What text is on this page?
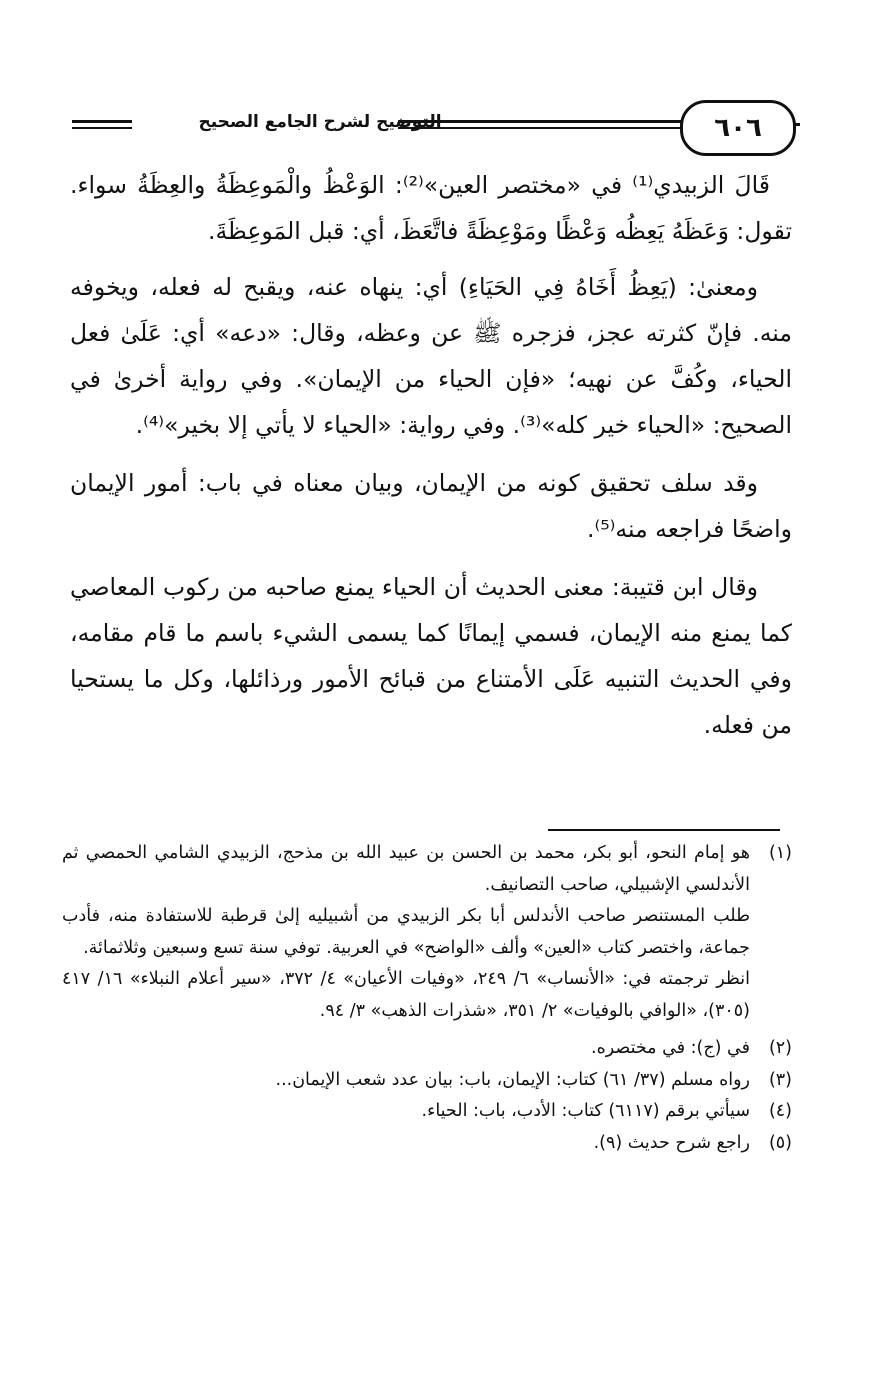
التوضيح لشرح الجامع الصحيح	٦٠٦

قَالَ الزبيدي⁽¹⁾ في «مختصر العين»⁽²⁾: الوَعْظُ والْمَوعِظَةُ والعِظَةُ سواء. تقول: وَعَظَهُ يَعِظُه وَعْظًا ومَوْعِظَةً فاتَّعَظَ، أي: قبل المَوعِظَةَ.

ومعنىٰ: (يَعِظُ أَخَاهُ فِي الحَيَاءِ) أي: ينهاه عنه، ويقبح له فعله، ويخوفه منه. فإنّ كثرته عجز، فزجره ﷺ عن وعظه، وقال: «دعه» أي: عَلَىٰ فعل الحياء، وكُفَّ عن نهيه؛ «فإن الحياء من الإيمان». وفي رواية أخرىٰ في الصحيح: «الحياء خير كله»⁽³⁾. وفي رواية: «الحياء لا يأتي إلا بخير»⁽⁴⁾.

وقد سلف تحقيق كونه من الإيمان، وبيان معناه في باب: أمور الإيمان واضحًا فراجعه منه⁽⁵⁾.

وقال ابن قتيبة: معنى الحديث أن الحياء يمنع صاحبه من ركوب المعاصي كما يمنع منه الإيمان، فسمي إيمانًا كما يسمى الشيء باسم ما قام مقامه، وفي الحديث التنبيه عَلَى الأمتناع من قبائح الأمور ورذائلها، وكل ما يستحيا من فعله.

(١)

هو إمام النحو، أبو بكر، محمد بن الحسن بن عبيد الله بن مذحج، الزبيدي الشامي الحمصي ثم الأندلسي الإشبيلي، صاحب التصانيف.

طلب المستنصر صاحب الأندلس أبا بكر الزبيدي من أشبيليه إلىٰ قرطبة للاستفادة منه، فأدب جماعة، واختصر كتاب «العين» وألف «الواضح» في العربية. توفي سنة تسع وسبعين وثلاثمائة.

انظر ترجمته في: «الأنساب» ٦/ ٢٤٩، «وفيات الأعيان» ٤/ ٣٧٢، «سير أعلام النبلاء» ١٦/ ٤١٧ (٣٠٥)، «الوافي بالوفيات» ٢/ ٣٥١، «شذرات الذهب» ٣/ ٩٤.

(٢)

في (ج): في مختصره.

(٣)

رواه مسلم (٣٧/ ٦١) كتاب: الإيمان، باب: بيان عدد شعب الإيمان...

(٤)

سيأتي برقم (٦١١٧) كتاب: الأدب، باب: الحياء.

(٥)

راجع شرح حديث (٩).
